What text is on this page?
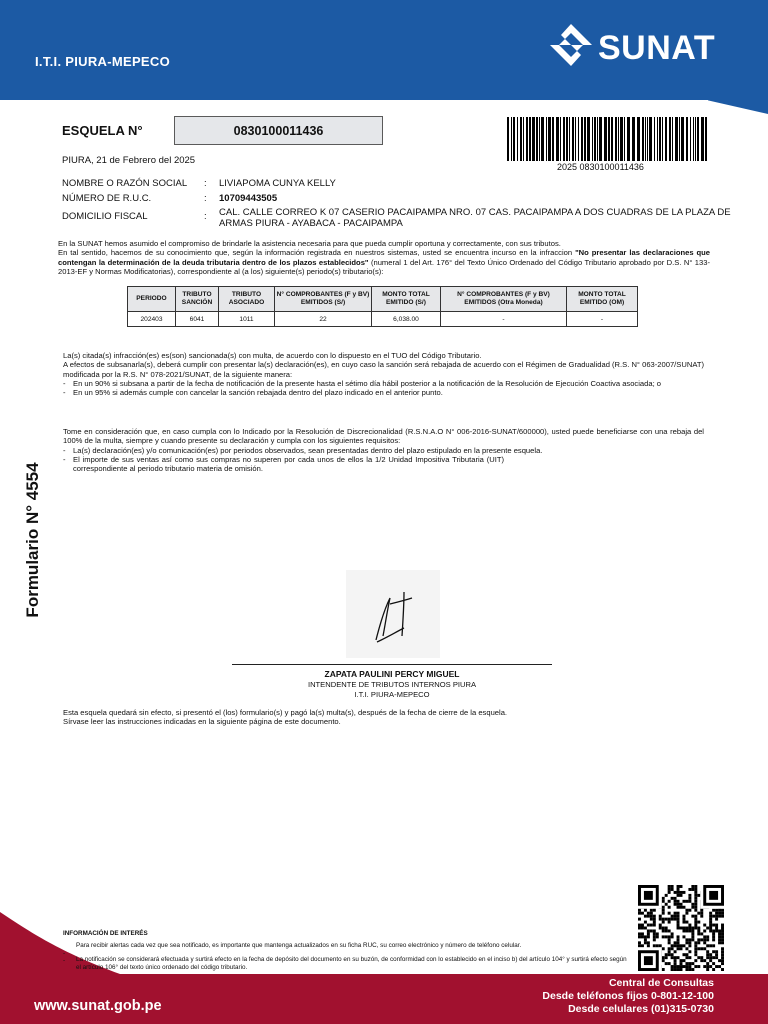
I.T.I. PIURA-MEPECO	SUNAT
ESQUELA N°	0830100011436
2025 0830100011436
PIURA, 21 de Febrero del 2025
NOMBRE O RAZÓN SOCIAL : LIVIAPOMA CUNYA KELLY
NÚMERO DE R.U.C.	: 10709443505
DOMICILIO FISCAL	: CAL. CALLE CORREO K 07 CASERIO PACAIPAMPA NRO. 07 CAS. PACAIPAMPA A DOS CUADRAS DE LA PLAZA DE ARMAS PIURA - AYABACA - PACAIPAMPA
En la SUNAT hemos asumido el compromiso de brindarle la asistencia necesaria para que pueda cumplir oportuna y correctamente, con sus tributos.
En tal sentido, hacemos de su conocimiento que, según la información registrada en nuestros sistemas, usted se encuentra incurso en la infraccion "No presentar las declaraciones que contengan la determinación de la deuda tributaria dentro de los plazos establecidos" (numeral 1 del Art. 176° del Texto Único Ordenado del Código Tributario aprobado por D.S. N° 133-2013-EF y Normas Modificatorias), correspondiente al (a los) siguiente(s) periodo(s) tributario(s):
PERIODO	TRIBUTO SANCIÓN	TRIBUTO ASOCIADO	N° COMPROBANTES (F y BV) EMITIDOS (S/)	MONTO TOTAL EMITIDO (S/)	N° COMPROBANTES (F y BV) EMITIDOS (Otra Moneda)	MONTO TOTAL EMITIDO (OM)
202403	6041	1011	22	6,038.00	-	-
La(s) citada(s) infracción(es) es(son) sancionada(s) con multa, de acuerdo con lo dispuesto en el TUO del Código Tributario.
A efectos de subsanarla(s), deberá cumplir con presentar la(s) declaración(es), en cuyo caso la sanción será rebajada de acuerdo con el Régimen de Gradualidad (R.S. N° 063-2007/SUNAT) modificada por la R.S. N° 078-2021/SUNAT, de la siguiente manera:
- En un 90% si subsana a partir de la fecha de notificación de la presente hasta el sétimo día hábil posterior a la notificación de la Resolución de Ejecución Coactiva asociada; o
- En un 95% si además cumple con cancelar la sanción rebajada dentro del plazo indicado en el anterior punto.
Tome en consideración que, en caso cumpla con lo Indicado por la Resolución de Discrecionalidad (R.S.N.A.O N° 006-2016-SUNAT/600000), usted puede beneficiarse con una rebaja del 100% de la multa, siempre y cuando presente su declaración y cumpla con los siguientes requisitos:
- La(s) declaración(es) y/o comunicación(es) por periodos observados, sean presentadas dentro del plazo estipulado en la presente esquela.
- El importe de sus ventas así como sus compras no superen por cada unos de ellos la 1/2 Unidad Impositiva Tributaria (UIT) correspondiente al periodo tributario materia de omisión.
ZAPATA PAULINI PERCY MIGUEL
INTENDENTE DE TRIBUTOS INTERNOS PIURA
I.T.I. PIURA-MEPECO
Esta esquela quedará sin efecto, si presentó el (los) formulario(s) y pagó la(s) multa(s), después de la fecha de cierre de la esquela.
Sírvase leer las instrucciones indicadas en la siguiente página de este documento.
Formulario N° 4554
INFORMACIÓN DE INTERÉS
-
Para recibir alertas cada vez que sea notificado, es importante que mantenga actualizados en su ficha RUC, su correo electrónico y número de teléfono celular.
- La notificación se considerará efectuada y surtirá efecto en la fecha de depósito del documento en su buzón, de conformidad con lo establecido en el inciso b) del artículo 104° y surtirá efecto según el artículo 106° del texto único ordenado del código tributario.
www.sunat.gob.pe
Central de Consultas
Desde teléfonos fijos 0-801-12-100
Desde celulares (01)315-0730
